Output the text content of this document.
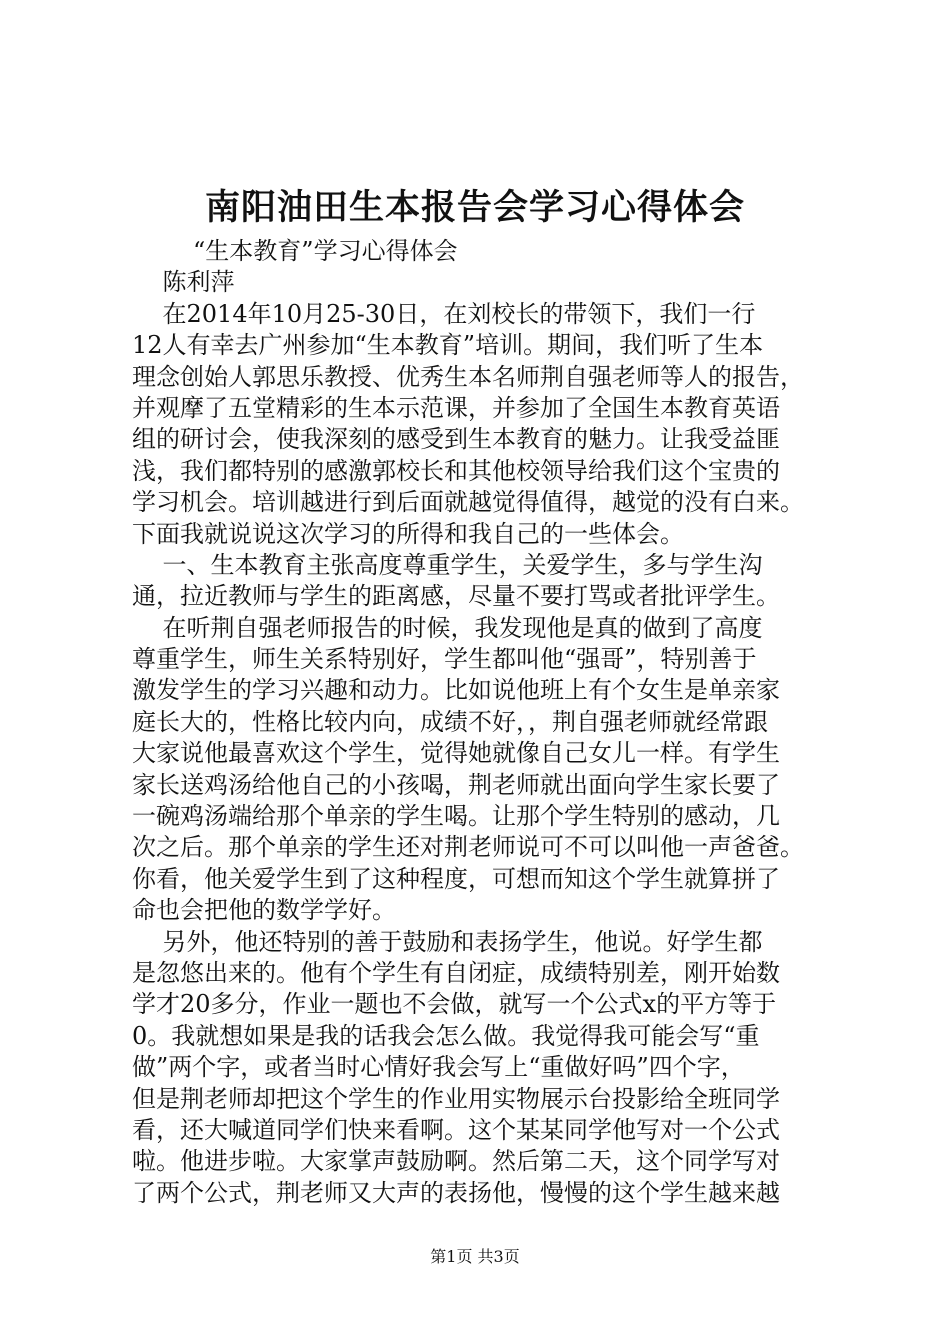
南阳油田生本报告会学习心得体会
“生本教育”学习心得体会
陈利萍
在2014年10月25-30日，在刘校长的带领下，我们一行
12人有幸去广州参加“生本教育”培训。期间，我们听了生本
理念创始人郭思乐教授、优秀生本名师荆自强老师等人的报告，
并观摩了五堂精彩的生本示范课，并参加了全国生本教育英语
组的研讨会，使我深刻的感受到生本教育的魅力。让我受益匪
浅，我们都特别的感激郭校长和其他校领导给我们这个宝贵的
学习机会。培训越进行到后面就越觉得值得，越觉的没有白来。
下面我就说说这次学习的所得和我自己的一些体会。
一、生本教育主张高度尊重学生，关爱学生，多与学生沟
通，拉近教师与学生的距离感，尽量不要打骂或者批评学生。
在听荆自强老师报告的时候，我发现他是真的做到了高度
尊重学生，师生关系特别好，学生都叫他“强哥”，特别善于
激发学生的学习兴趣和动力。比如说他班上有个女生是单亲家
庭长大的，性格比较内向，成绩不好，，荆自强老师就经常跟
大家说他最喜欢这个学生，觉得她就像自己女儿一样。有学生
家长送鸡汤给他自己的小孩喝，荆老师就出面向学生家长要了
一碗鸡汤端给那个单亲的学生喝。让那个学生特别的感动，几
次之后。那个单亲的学生还对荆老师说可不可以叫他一声爸爸。
你看，他关爱学生到了这种程度，可想而知这个学生就算拼了
命也会把他的数学学好。
另外，他还特别的善于鼓励和表扬学生，他说。好学生都
是忽悠出来的。他有个学生有自闭症，成绩特别差，刚开始数
学才20多分，作业一题也不会做，就写一个公式x的平方等于
0。我就想如果是我的话我会怎么做。我觉得我可能会写“重
做”两个字，或者当时心情好我会写上“重做好吗”四个字，
但是荆老师却把这个学生的作业用实物展示台投影给全班同学
看，还大喊道同学们快来看啊。这个某某同学他写对一个公式
啦。他进步啦。大家掌声鼓励啊。然后第二天，这个同学写对
了两个公式，荆老师又大声的表扬他，慢慢的这个学生越来越
第1页 共3页
